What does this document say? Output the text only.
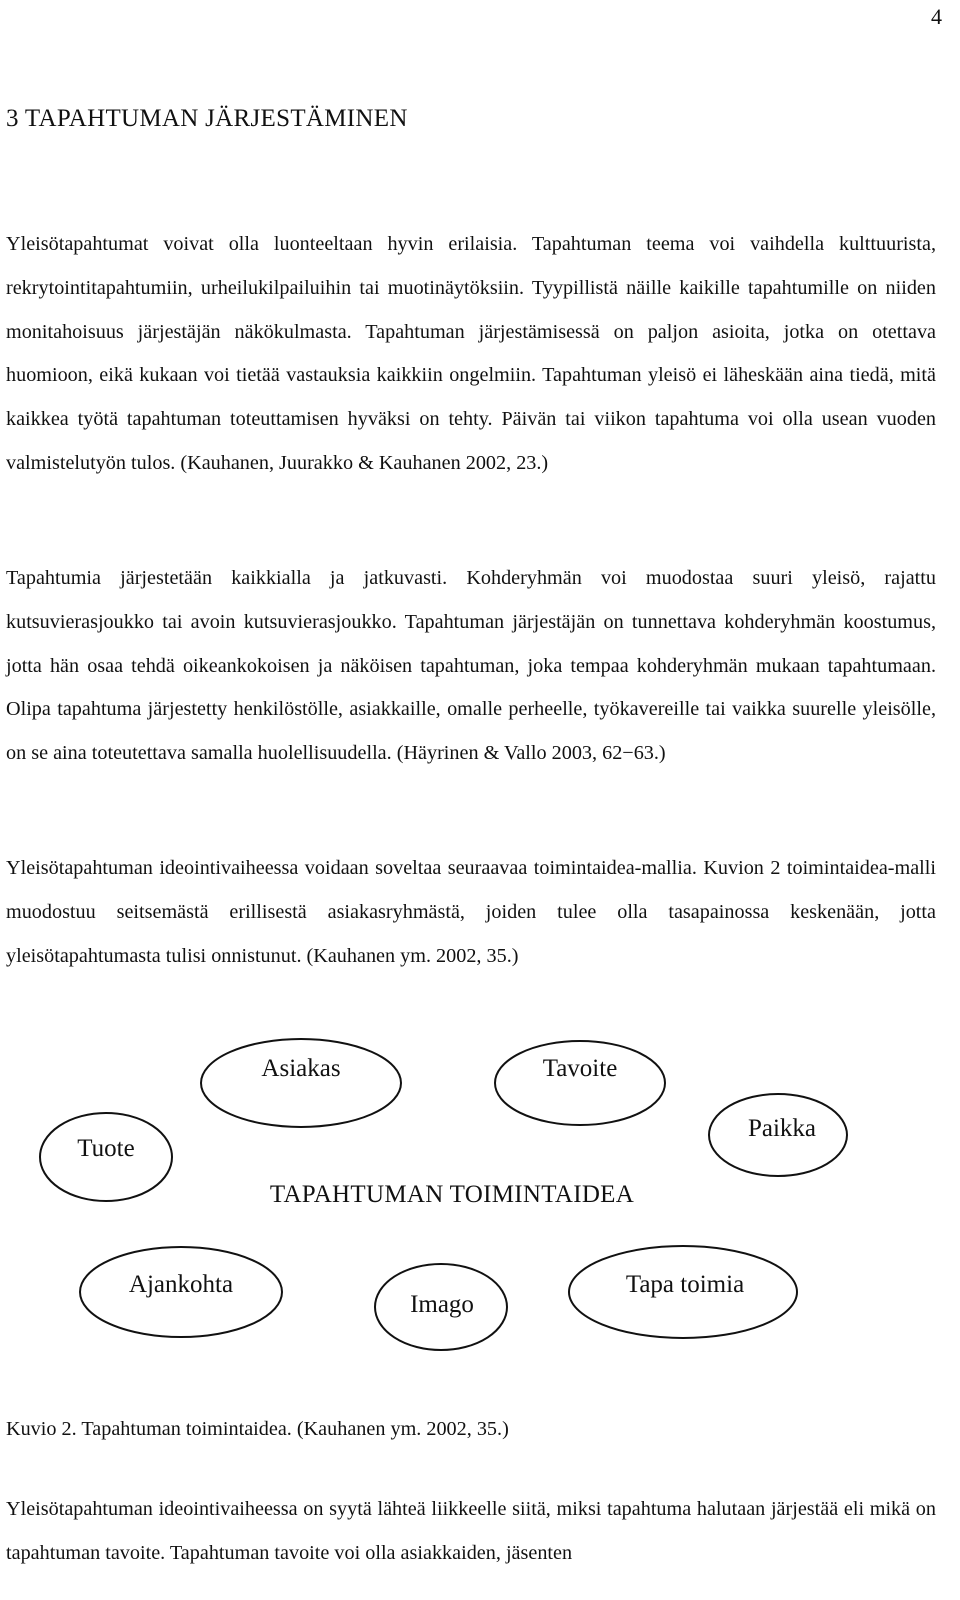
4
3 TAPAHTUMAN JÄRJESTÄMINEN

Yleisötapahtumat voivat olla luonteeltaan hyvin erilaisia. Tapahtuman teema voi vaihdella kulttuurista, rekrytointitapahtumiin, urheilukilpailuihin tai muotinäytöksiin. Tyypillistä näille kaikille tapahtumille on niiden monitahoisuus järjestäjän näkökulmasta. Tapahtuman järjestämisessä on paljon asioita, jotka on otettava huomioon, eikä kukaan voi tietää vastauksia kaikkiin ongelmiin. Tapahtuman yleisö ei läheskään aina tiedä, mitä kaikkea työtä tapahtuman toteuttamisen hyväksi on tehty. Päivän tai viikon tapahtuma voi olla usean vuoden valmistelutyön tulos. (Kauhanen, Juurakko & Kauhanen 2002, 23.)

Tapahtumia järjestetään kaikkialla ja jatkuvasti. Kohderyhmän voi muodostaa suuri yleisö, rajattu kutsuvierasjoukko tai avoin kutsuvierasjoukko. Tapahtuman järjestäjän on tunnettava kohderyhmän koostumus, jotta hän osaa tehdä oikeankokoisen ja näköisen tapahtuman, joka tempaa kohderyhmän mukaan tapahtumaan. Olipa tapahtuma järjestetty henkilöstölle, asiakkaille, omalle perheelle, työkavereille tai vaikka suurelle yleisölle, on se aina toteutettava samalla huolellisuudella. (Häyrinen & Vallo 2003, 62−63.)

Yleisötapahtuman ideointivaiheessa voidaan soveltaa seuraavaa toimintaidea-mallia. Kuvion 2 toimintaidea-malli muodostuu seitsemästä erillisestä asiakasryhmästä, joiden tulee olla tasapainossa keskenään, jotta yleisötapahtumasta tulisi onnistunut. (Kauhanen ym. 2002, 35.)

Asiakas	Tavoite
Tuote
Paikka
TAPAHTUMAN TOIMINTAIDEA
Ajankohta
Imago
Tapa toimia

Kuvio 2. Tapahtuman toimintaidea. (Kauhanen ym. 2002, 35.)

Yleisötapahtuman ideointivaiheessa on syytä lähteä liikkeelle siitä, miksi tapahtuma halutaan järjestää eli mikä on tapahtuman tavoite. Tapahtuman tavoite voi olla asiakkaiden, jäsenten
